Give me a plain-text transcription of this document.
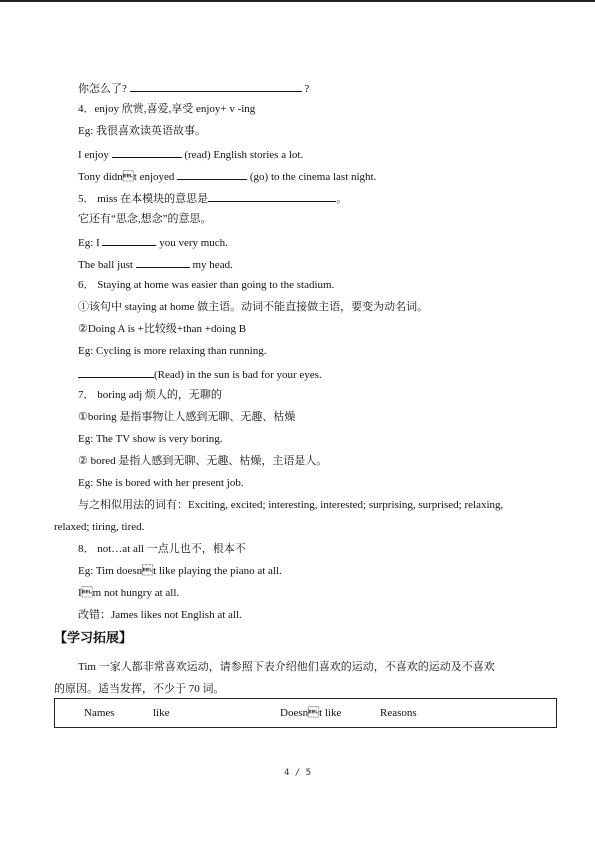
你怎么了?	?
4．enjoy 欣赏,喜爱,享受 enjoy+ v -ing
Eg: 我很喜欢读英语故事。
I enjoy	(read) English stories a lot.
Tony didnt enjoyed	(go) to the cinema last night.
5． miss 在本模块的意思是	。
它还有“思念,想念”的意思。
Eg: I	you very much.
The ball just	my head.
6． Staying at home was easier than going to the stadium.
①该句中 staying at home 做主语。动词不能直接做主语，要变为动名词。
②Doing A is +比较级+than +doing B
Eg: Cycling is more relaxing than running.
(Read) in the sun is bad for your eyes.
7． boring adj 烦人的，无聊的
①boring 是指事物让人感到无聊、无趣、枯燥
Eg: The TV show is very boring.
② bored 是指人感到无聊、无趣、枯燥，主语是人。
Eg: She is bored with her present job.
与之相似用法的词有：Exciting, excited; interesting, interested; surprising, surprised; relaxing,
relaxed; tiring, tired.
8． not…at all 一点儿也不，根本不
Eg: Tim doesnt like playing the piano at all.
Im not hungry at all.
改错：James likes not English at all.
【学习拓展】
Tim 一家人都非常喜欢运动，请参照下表介绍他们喜欢的运动，不喜欢的运动及不喜欢
的原因。适当发挥，不少于 70 词。
Names	like	Doesnt like	Reasons
4 / 5
